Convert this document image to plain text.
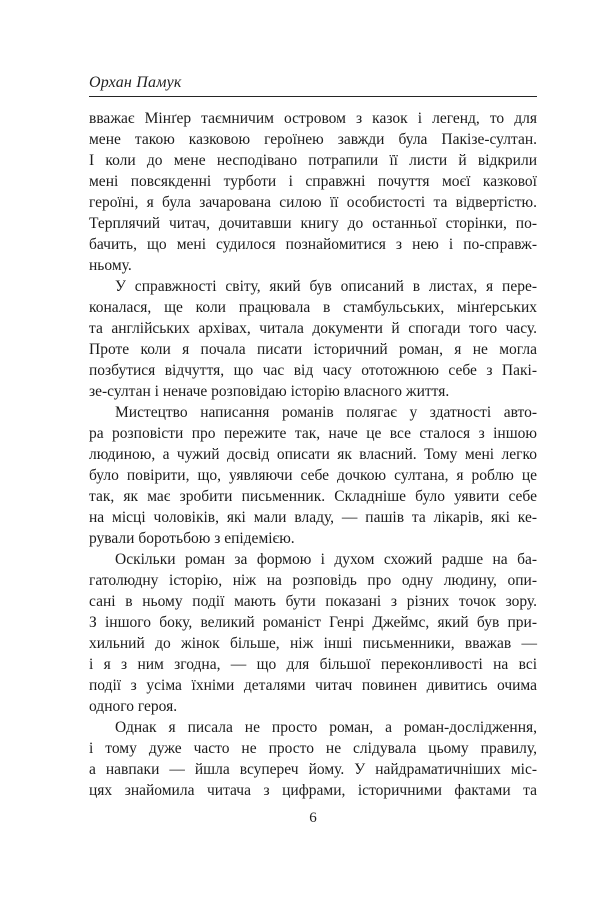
Орхан Памук
вважає Мінґер таємничим островом з казок і легенд, то для
мене такою казковою героїнею завжди була Пакізе-султан.
І коли до мене несподівано потрапили її листи й відкрили
мені повсякденні турботи і справжні почуття моєї казкової
героїні, я була зачарована силою її особистості та відвертістю.
Терплячий читач, дочитавши книгу до останньої сторінки, по-
бачить, що мені судилося познайомитися з нею і по-справж-
ньому.
У справжності світу, який був описаний в листах, я пере-
коналася, ще коли працювала в стамбульських, мінґерських
та англійських архівах, читала документи й спогади того часу.
Проте коли я почала писати історичний роман, я не могла
позбутися відчуття, що час від часу ототожнюю себе з Пакі-
зе-султан і неначе розповідаю історію власного життя.
Мистецтво написання романів полягає у здатності авто-
ра розповісти про пережите так, наче це все сталося з іншою
людиною, а чужий досвід описати як власний. Тому мені легко
було повірити, що, уявляючи себе дочкою султана, я роблю це
так, як має зробити письменник. Складніше було уявити себе
на місці чоловіків, які мали владу, — пашів та лікарів, які ке-
рували боротьбою з епідемією.
Оскільки роман за формою і духом схожий радше на ба-
гатолюдну історію, ніж на розповідь про одну людину, опи-
сані в ньому події мають бути показані з різних точок зору.
З іншого боку, великий романіст Генрі Джеймс, який був при-
хильний до жінок більше, ніж інші письменники, вважав —
і я з ним згодна, — що для більшої переконливості на всі
події з усіма їхніми деталями читач повинен дивитись очима
одного героя.
Однак я писала не просто роман, а роман-дослідження,
і тому дуже часто не просто не слідувала цьому правилу,
а навпаки — йшла всупереч йому. У найдраматичніших міс-
цях знайомила читача з цифрами, історичними фактами та
6
